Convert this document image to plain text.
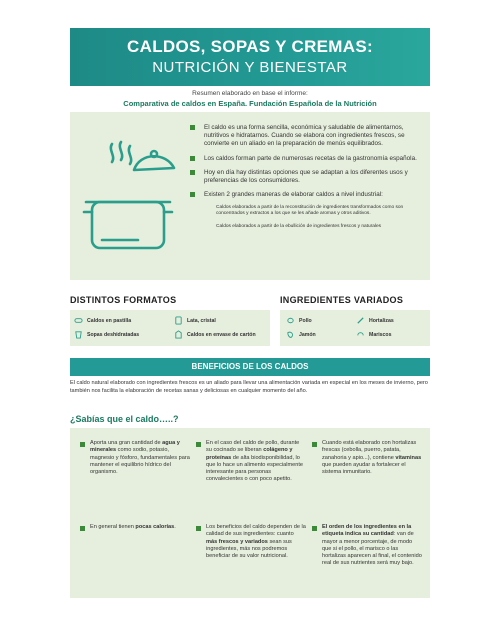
CALDOS, SOPAS Y CREMAS:
NUTRICIÓN Y BIENESTAR
Resumen elaborado en base el informe:
Comparativa de caldos en España. Fundación Española de la Nutrición
El caldo es una forma sencilla, económica y saludable de alimentarnos, nutritivos e hidratarnos. Cuando se elabora con ingredientes frescos, se convierte en un aliado en la preparación de menús equilibrados.
Los caldos forman parte de numerosas recetas de la gastronomía española.
Hoy en día hay distintas opciones que se adaptan a los diferentes usos y preferencias de los consumidores.
Existen 2 grandes maneras de elaborar caldos a nivel industrial:
Caldos elaborados a partir de la reconstitución de ingredientes transformados como son concentrados y extractos a los que se les añade aromas y otros aditivos.
Caldos elaborados a partir de la ebullición de ingredientes frescos y naturales
DISTINTOS FORMATOS
Caldos en pastilla	Lata, cristal
Sopas deshidratadas	Caldos en envase de cartón
INGREDIENTES VARIADOS
Pollo	Hortalizas
Jamón	Mariscos
BENEFICIOS DE LOS CALDOS
El caldo natural elaborado con ingredientes frescos es un aliado para llevar una alimentación variada en especial en los meses de invierno, pero también nos facilita la elaboración de recetas sanas y deliciosas en cualquier momento del año.
¿Sabías que el caldo…..?
Aporta una gran cantidad de agua y minerales como sodio, potasio, magnesio y fósforo, fundamentales para mantener el equilibrio hídrico del organismo.
En el caso del caldo de pollo, durante su cocinado se liberan colágeno y proteínas de alta biodisponibilidad, lo que lo hace un alimento especialmente interesante para personas convalecientes o con poco apetito.
Cuando está elaborado con hortalizas frescas (cebolla, puerro, patata, zanahoria y apio...), contiene vitaminas que pueden ayudar a fortalecer el sistema inmunitario.
En general tienen pocas calorías.	Los beneficios del caldo dependen de la calidad de sus ingredientes: cuanto más frescos y variados sean sus ingredientes, más nos podremos beneficiar de su valor nutricional.
El orden de los ingredientes en la etiqueta indica su cantidad: van de mayor a menor porcentaje, de modo que si el pollo, el marisco o las hortalizas aparecen al final, el contenido real de sus nutrientes será muy bajo.
